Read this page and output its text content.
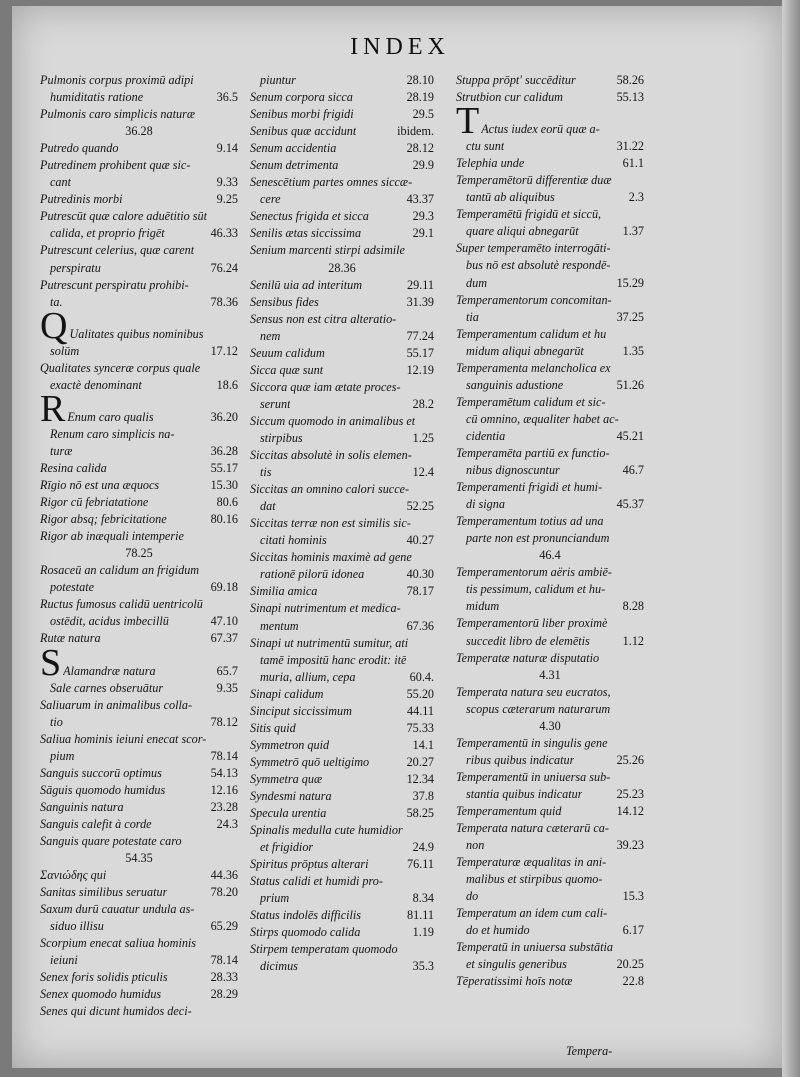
INDEX
Pulmonis corpus proximū adipi
humiditatis ratione	36.5
Pulmonis caro simplicis naturæ
36.28
Putredo quando	9.14
Putredinem prohibent quæ sic-
cant	9.33
Putredinis morbi	9.25
Putrescūt quæ calore aduētitio sūt
calida, et proprio frigēt	46.33
Putrescunt celerius, quæ carent
perspiratu	76.24
Putrescunt perspiratu prohibi-
ta.	78.36
Q Ualitates quibus nominibus
solūm	17.12
Qualitates synceræ corpus quale
exactè denominant	18.6
R Enum caro qualis	36.20
Renum caro simplicis na-
turæ	36.28
Resina calida	55.17
Rīgio nō est una æquocs	15.30
Rigor cū febriatatione	80.6
Rigor absq; febricitatione	80.16
Rigor ab inæquali intemperie
78.25
Rosaceū an calidum an frigidum
potestate	69.18
Ructus fumosus calidū uentricolū
ostēdit, acidus imbecillū	47.10
Rutæ natura	67.37
S Alamandræ natura	65.7
Sale carnes obseruātur	9.35
Saliuarum in animalibus colla-
tio	78.12
Saliua hominis ieiuni enecat scor-
pium	78.14
Sanguis succorū optimus	54.13
Sāguis quomodo humidus	12.16
Sanguinis natura	23.28
Sanguis calefit à corde	24.3
Sanguis quare potestate caro
54.35
Σανιώδης qui	44.36
Sanitas similibus seruatur	78.20
Saxum durū cauatur undula as-
siduo illisu	65.29
Scorpium enecat saliua hominis
ieiuni	78.14
Senex foris solidis pticulis	28.33
Senex quomodo humidus	28.29
Senes qui dicunt humidos deci-
piuntur	28.10
Senum corpora sicca	28.19
Senibus morbi frigidi	29.5
Senibus quæ accidunt	ibidem.
Senum accidentia	28.12
Senum detrimenta	29.9
Senescētium partes omnes siccæ-
cere	43.37
Senectus frigida et sicca	29.3
Senilis ætas siccissima	29.1
Senium marcenti stirpi adsimile
28.36
Senilū uia ad interitum	29.11
Sensibus fides	31.39
Sensus non est citra alteratio-
nem	77.24
Seuum calidum	55.17
Sicca quæ sunt	12.19
Siccora quæ iam ætate proces-
serunt	28.2
Siccum quomodo in animalibus et
stirpibus	1.25
Siccitas absolutè in solis elemen-
tis	12.4
Siccitas an omnino calori succe-
dat	52.25
Siccitas terræ non est similis sic-
citati hominis	40.27
Siccitas hominis maximè ad gene
rationē pilorū idonea	40.30
Similia amica	78.17
Sinapi nutrimentum et medica-
mentum	67.36
Sinapi ut nutrimentū sumitur, ati
tamē impositū hanc erodit: itē
muria, allium, cepa	60.4.
Sinapi calidum	55.20
Sinciput siccissimum	44.11
Sitis quid	75.33
Symmetron quid	14.1
Symmetrō quō ueltigimo	20.27
Symmetra quæ	12.34
Syndesmi natura	37.8
Specula urentia	58.25
Spinalis medulla cute humidior
et frigidior	24.9
Spiritus prōptus alterari	76.11
Status calidi et humidi pro-
prium	8.34
Status indolēs difficilis	81.11
Stirps quomodo calida	1.19
Stirpem temperatam quomodo
dicimus	35.3
Stuppa prōpt' succēditur	58.26
Strutbion cur calidum	55.13
T Actus iudex eorū quæ a-
ctu sunt	31.22
Telephia unde	61.1
Temperamētorū differentiæ duæ
tantū ab aliquibus	2.3
Temperamētū frigidū et siccū,
quare aliqui abnegarūt	1.37
Super temperamēto interrogāti-
bus nō est absolutè respondē-
dum	15.29
Temperamentorum concomitan-
tia	37.25
Temperamentum calidum et hu
midum aliqui abnegarūt	1.35
Temperamenta melancholica ex
sanguinis adustione	51.26
Temperamētum calidum et sic-
cū omnino, æqualiter habet ac-
cidentia	45.21
Temperamēta partiū ex functio-
nibus dignoscuntur	46.7
Temperamenti frigidi et humi-
di signa	45.37
Temperamentum totius ad una
parte non est pronunciandum
46.4
Temperamentorum aëris ambiē-
tis pessimum, calidum et hu-
midum	8.28
Temperamentorū liber proximè
succedit libro de elemētis	1.12
Temperatæ naturæ disputatio
4.31
Temperata natura seu eucratos,
scopus cæterarum naturarum
4.30
Temperamentū in singulis gene
ribus quibus indicatur	25.26
Temperamentū in uniuersa sub-
stantia quibus indicatur	25.23
Temperamentum quid	14.12
Temperata natura cæterarū ca-
non	39.23
Temperaturæ æqualitas in ani-
malibus et stirpibus quomo-
do	15.3
Temperatum an idem cum cali-
do et humido	6.17
Temperatū in uniuersa substātia
et singulis generibus	20.25
Tēperatissimi hoīs notæ	22.8
Tempera-
